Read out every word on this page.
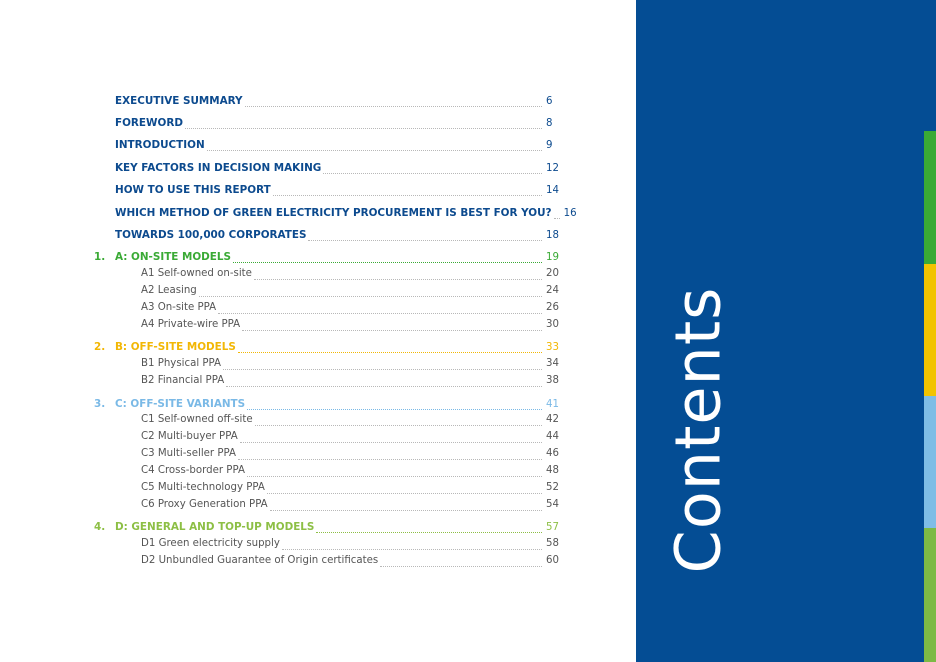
EXECUTIVE SUMMARY	6
FOREWORD	8
INTRODUCTION	9
KEY FACTORS IN DECISION MAKING	12
HOW TO USE THIS REPORT	14
WHICH METHOD OF GREEN ELECTRICITY PROCUREMENT IS BEST FOR YOU? 16
TOWARDS 100,000 CORPORATES	18
1. A: ON-SITE MODELS	19
A1 Self-owned on-site	20
A2 Leasing	24
A3 On-site PPA	26
A4 Private-wire PPA	30
2. B: OFF-SITE MODELS	33
B1 Physical PPA	34
B2 Financial PPA	38
3. C: OFF-SITE VARIANTS	41
C1 Self-owned off-site	42
C2 Multi-buyer PPA	44
C3 Multi-seller PPA	46
C4 Cross-border PPA	48
C5 Multi-technology PPA	52
C6 Proxy Generation PPA	54
4. D: GENERAL AND TOP-UP MODELS	57
D1 Green electricity supply	58
D2 Unbundled Guarantee of Origin certificates	60 Contents
